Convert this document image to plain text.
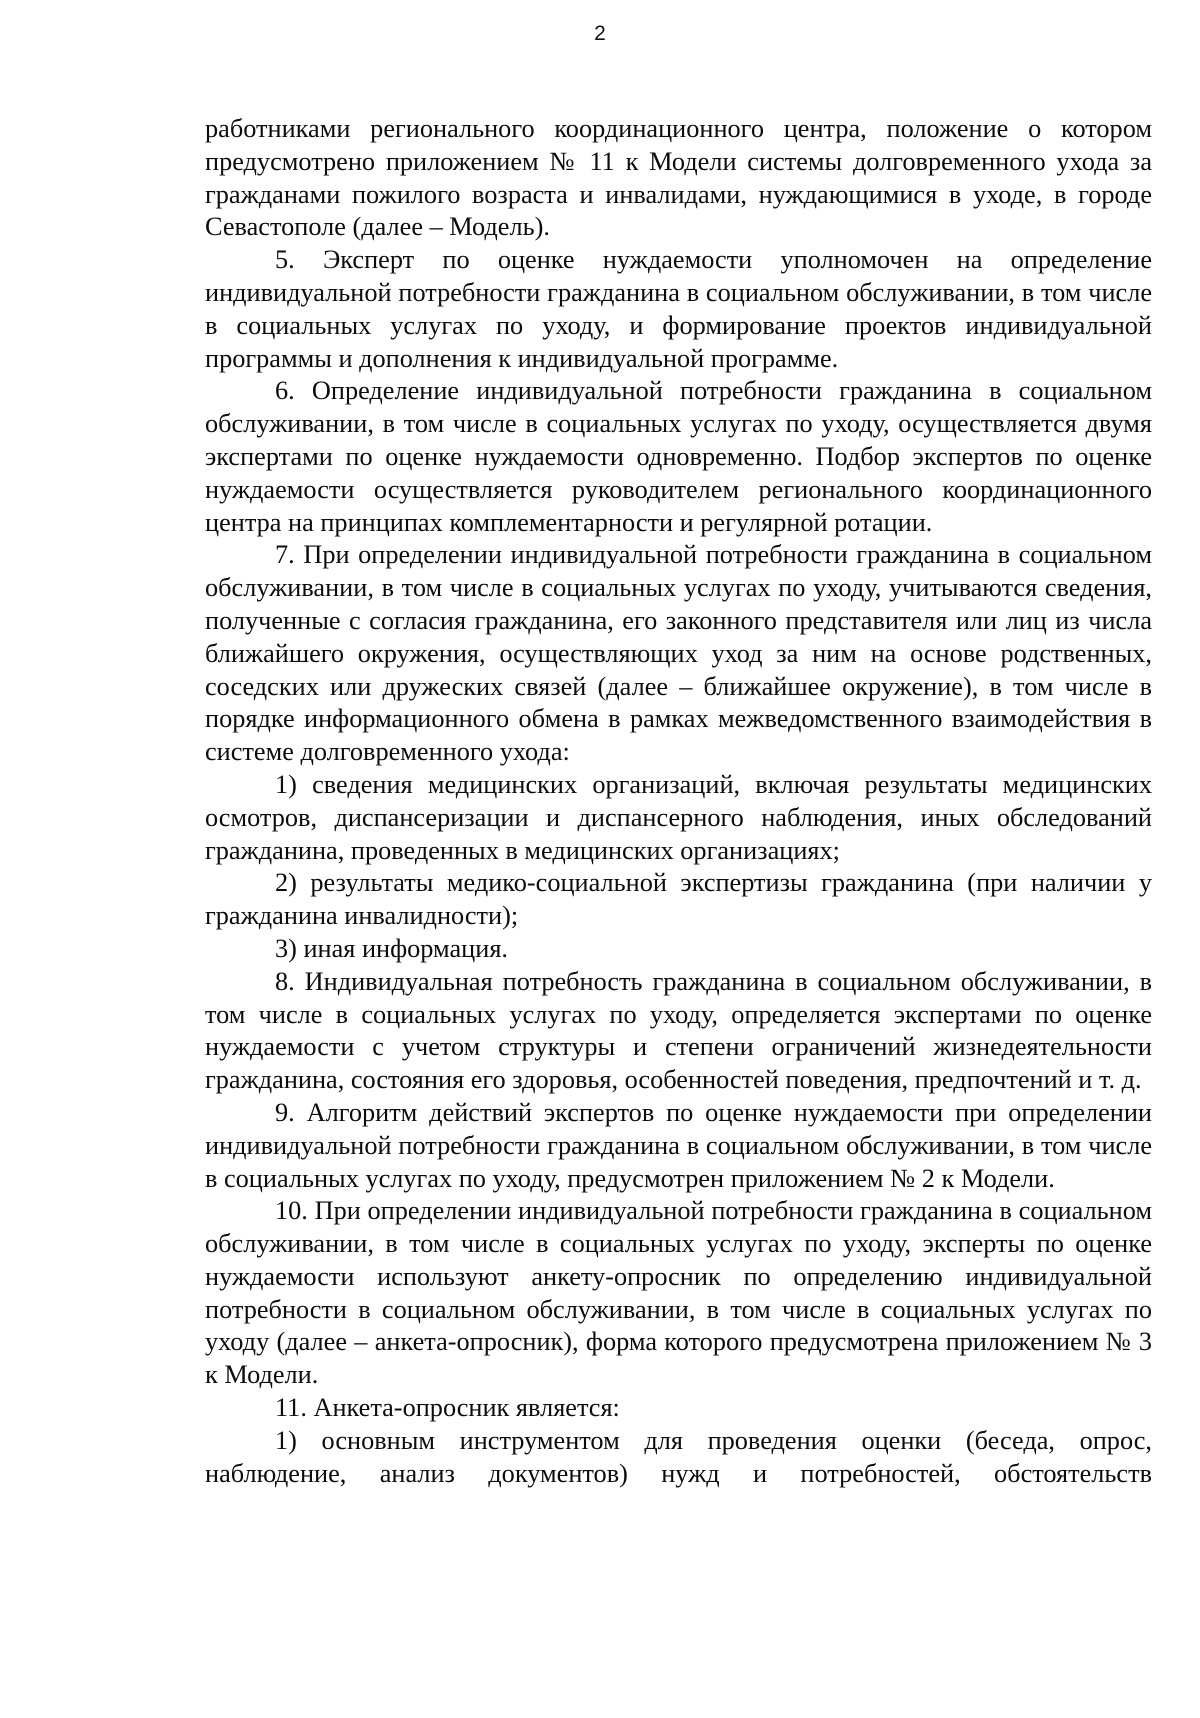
2

работниками регионального координационного центра, положение о котором предусмотрено приложением № 11 к Модели системы долговременного ухода за гражданами пожилого возраста и инвалидами, нуждающимися в уходе, в городе Севастополе (далее – Модель).

5. Эксперт по оценке нуждаемости уполномочен на определение индивидуальной потребности гражданина в социальном обслуживании, в том числе в социальных услугах по уходу, и формирование проектов индивидуальной программы и дополнения к индивидуальной программе.

6. Определение индивидуальной потребности гражданина в социальном обслуживании, в том числе в социальных услугах по уходу, осуществляется двумя экспертами по оценке нуждаемости одновременно. Подбор экспертов по оценке нуждаемости осуществляется руководителем регионального координационного центра на принципах комплементарности и регулярной ротации.

7. При определении индивидуальной потребности гражданина в социальном обслуживании, в том числе в социальных услугах по уходу, учитываются сведения, полученные с согласия гражданина, его законного представителя или лиц из числа ближайшего окружения, осуществляющих уход за ним на основе родственных, соседских или дружеских связей (далее – ближайшее окружение), в том числе в порядке информационного обмена в рамках межведомственного взаимодействия в системе долговременного ухода:

1) сведения медицинских организаций, включая результаты медицинских осмотров, диспансеризации и диспансерного наблюдения, иных обследований гражданина, проведенных в медицинских организациях;

2) результаты медико-социальной экспертизы гражданина (при наличии у гражданина инвалидности);

3) иная информация.

8. Индивидуальная потребность гражданина в социальном обслуживании, в том числе в социальных услугах по уходу, определяется экспертами по оценке нуждаемости с учетом структуры и степени ограничений жизнедеятельности гражданина, состояния его здоровья, особенностей поведения, предпочтений и т. д.

9. Алгоритм действий экспертов по оценке нуждаемости при определении индивидуальной потребности гражданина в социальном обслуживании, в том числе в социальных услугах по уходу, предусмотрен приложением № 2 к Модели.

10. При определении индивидуальной потребности гражданина в социальном обслуживании, в том числе в социальных услугах по уходу, эксперты по оценке нуждаемости используют анкету-опросник по определению индивидуальной потребности в социальном обслуживании, в том числе в социальных услугах по уходу (далее – анкета-опросник), форма которого предусмотрена приложением № 3 к Модели.

11. Анкета-опросник является:

1) основным инструментом для проведения оценки (беседа, опрос, наблюдение, анализ документов) нужд и потребностей, обстоятельств
